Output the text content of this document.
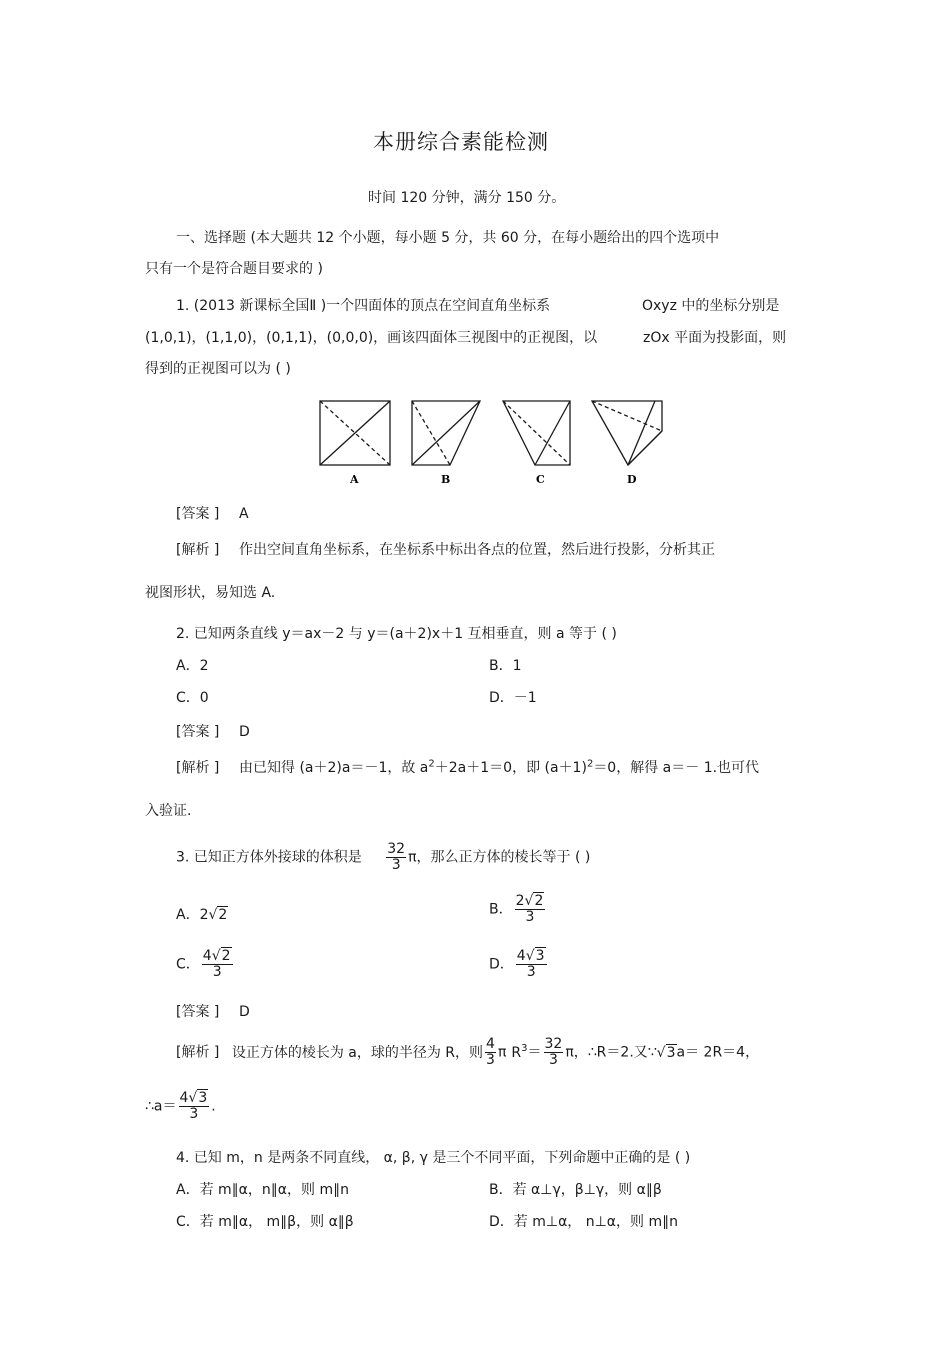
本册综合素能检测
时间 120 分钟，满分 150 分。
一、选择题 (本大题共 12 个小题，每小题 5 分，共 60 分，在每小题给出的四个选项中
只有一个是符合题目要求的 )
1. (2013 新课标全国Ⅱ )一个四面体的顶点在空间直角坐标系	Oxyz 中的坐标分别是
(1,0,1)，(1,1,0)，(0,1,1)，(0,0,0)，画该四面体三视图中的正视图，以	zOx 平面为投影面，则
得到的正视图可以为 ( )
A	B	C	D
[答案 ] A
[解析 ] 作出空间直角坐标系，在坐标系中标出各点的位置，然后进行投影，分析其正
视图形状，易知选 A.
2. 已知两条直线 y＝ax－2 与 y＝(a＋2)x＋1 互相垂直，则 a 等于 ( )
A．2	B．1
C．0	D．－1
[答案 ] D
[解析 ] 由已知得 (a＋2)a＝－1，故 $a^2+2a+1=0$，即 $(a+1)^2=0$，解得 a＝－ 1.也可代
入验证.
3. 已知正方体外接球的体积是 $\frac{32}{3}$ π，那么正方体的棱长等于 ( )
A．2√2	B． $\frac{2√2}{3}$
C． $\frac{4√2}{3}$	D． $\frac{4√3}{3}$
[答案 ] D
[解析 ] 设正方体的棱长为 a，球的半径为 R，则 $\frac{4}{3}$ π $R^3= \frac{32}{3}$ π，∴R＝2.又∵√3a＝ 2R＝4，
∴a＝ $\frac{4√3}{3}$ .
4. 已知 m，n 是两条不同直线， α, β, γ 是三个不同平面，下列命题中正确的是 ( )
A．若 m∥α，n∥α，则 m∥n	B．若 α⊥γ，β⊥γ，则 α∥β
C．若 m∥α， m∥β，则 α∥β	D．若 m⊥α， n⊥α，则 m∥n
